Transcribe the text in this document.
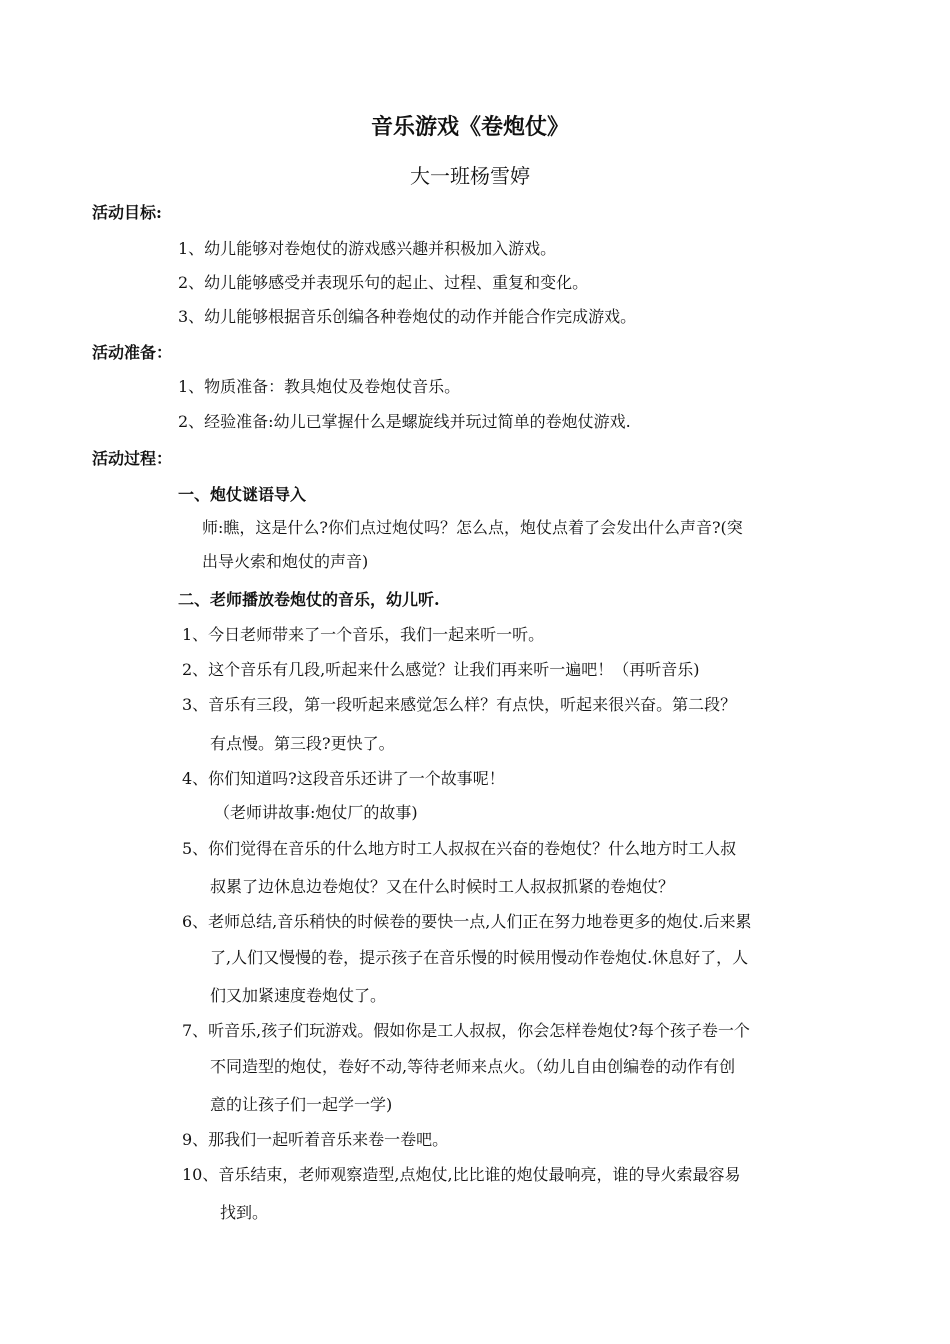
音乐游戏《卷炮仗》
大一班杨雪婷
活动目标:
1、幼儿能够对卷炮仗的游戏感兴趣并积极加入游戏。
2、幼儿能够感受并表现乐句的起止、过程、重复和变化。
3、幼儿能够根据音乐创编各种卷炮仗的动作并能合作完成游戏。
活动准备：
1、物质准备：教具炮仗及卷炮仗音乐。
2、经验准备:幼儿已掌握什么是螺旋线并玩过简单的卷炮仗游戏.
活动过程：
一、炮仗谜语导入
师:瞧，这是什么?你们点过炮仗吗？怎么点，炮仗点着了会发出什么声音?(突
出导火索和炮仗的声音)
二、老师播放卷炮仗的音乐，幼儿听.
1、今日老师带来了一个音乐，我们一起来听一听。
2、这个音乐有几段,听起来什么感觉？让我们再来听一遍吧！（再听音乐)
3、音乐有三段，第一段听起来感觉怎么样？有点快，听起来很兴奋。第二段？
有点慢。第三段?更快了。
4、你们知道吗?这段音乐还讲了一个故事呢！
（老师讲故事:炮仗厂的故事)
5、你们觉得在音乐的什么地方时工人叔叔在兴奋的卷炮仗？什么地方时工人叔
叔累了边休息边卷炮仗？又在什么时候时工人叔叔抓紧的卷炮仗？
6、老师总结,音乐稍快的时候卷的要快一点,人们正在努力地卷更多的炮仗.后来累
了,人们又慢慢的卷，提示孩子在音乐慢的时候用慢动作卷炮仗.休息好了，人
们又加紧速度卷炮仗了。
7、听音乐,孩子们玩游戏。假如你是工人叔叔，你会怎样卷炮仗?每个孩子卷一个
不同造型的炮仗，卷好不动,等待老师来点火。（幼儿自由创编卷的动作有创
意的让孩子们一起学一学)
9、那我们一起听着音乐来卷一卷吧。
10、音乐结束，老师观察造型,点炮仗,比比谁的炮仗最响亮，谁的导火索最容易
找到。
